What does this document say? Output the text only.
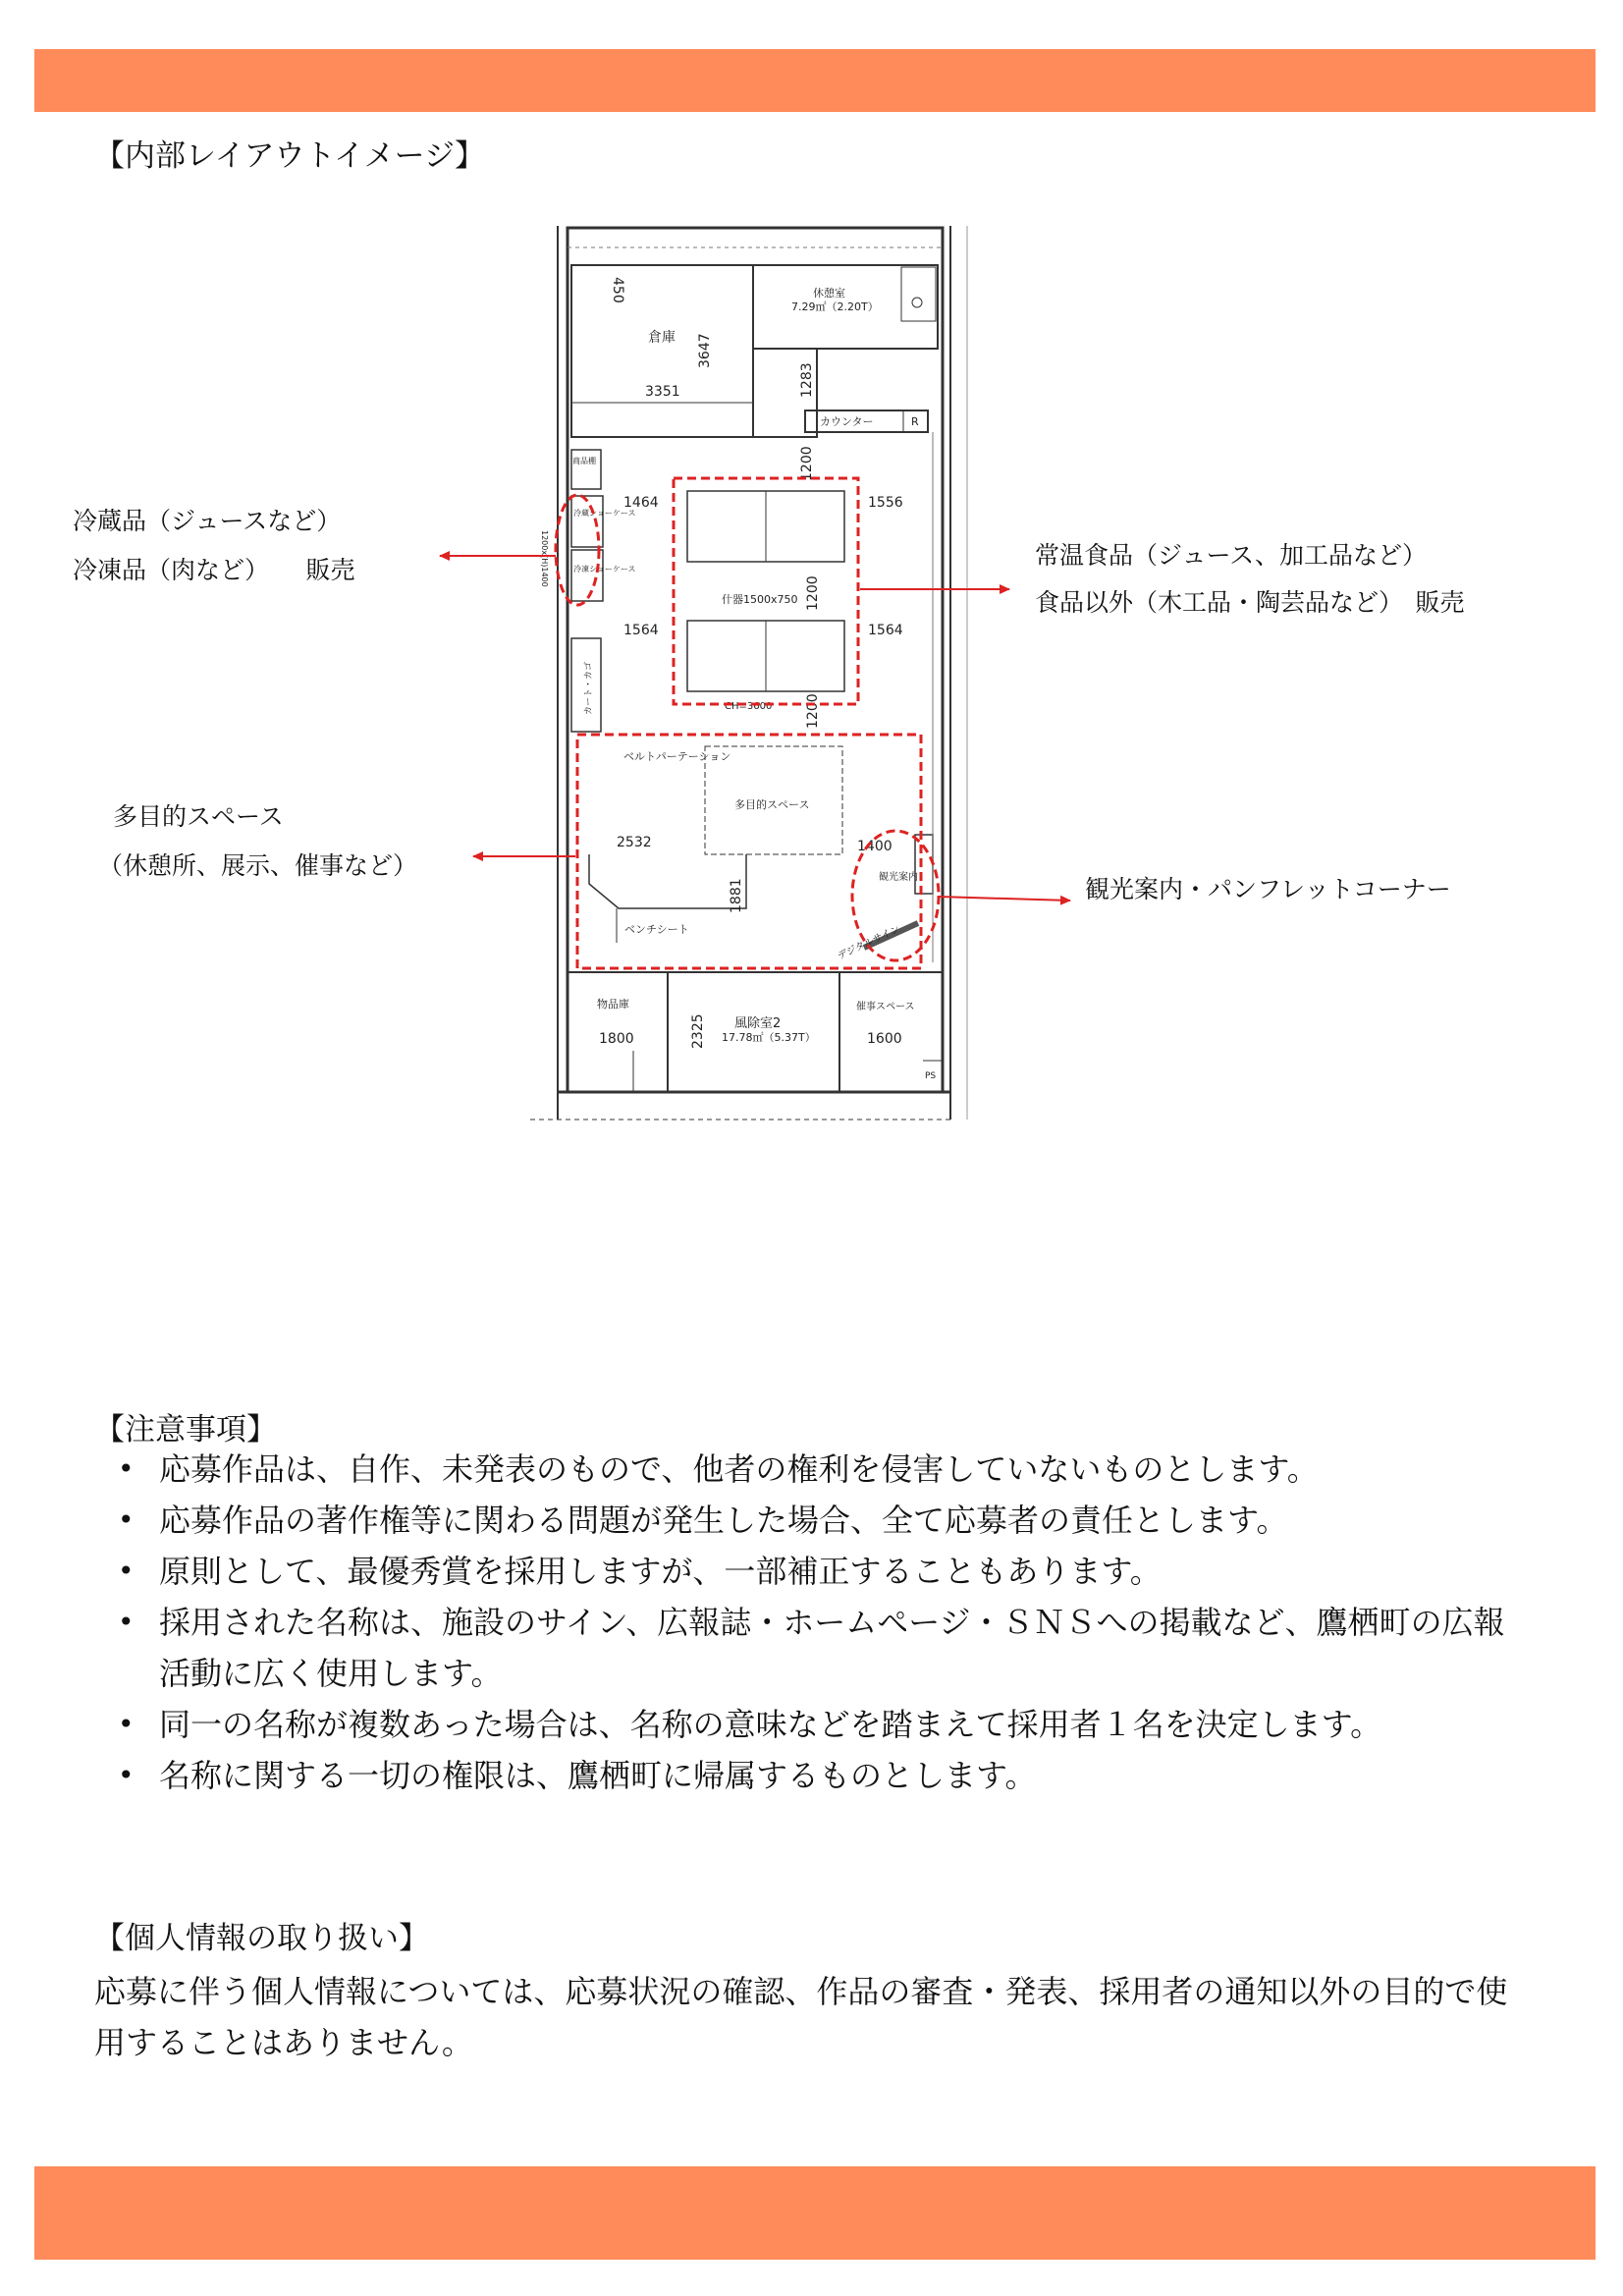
【内部レイアウトイメージ】
450
倉庫 3647
3351
休憩室
7.29㎡（2.20T）
1283
カウンター	R
1200
商品棚
冷蔵ショーケース
冷凍ショーケース
1200x(H)1400
1464	1556
什器1500x750 1200
1564	1564
カート・カゴ	CH=3600 1200
ベルトパーテーション
多目的スペース
2532	1400
観光案内
1881
ベンチシート	デジタルサイン
物品庫
1800	2325 風除室2
17.78㎡（5.37T）
催事スペース
1600
PS
冷蔵品（ジュースなど）
冷凍品（肉など）　　販売
常温食品（ジュース、加工品など）
食品以外（木工品・陶芸品など）　販売
多目的スペース
（休憩所、展示、催事など）
観光案内・パンフレットコーナー
【注意事項】
• 応募作品は、自作、未発表のもので、他者の権利を侵害していないものとします。
• 応募作品の著作権等に関わる問題が発生した場合、全て応募者の責任とします。
• 原則として、最優秀賞を採用しますが、一部補正することもあります。
• 採用された名称は、施設のサイン、広報誌・ホームページ・ＳＮＳへの掲載など、鷹栖町の広報活動に広く使用します。
• 同一の名称が複数あった場合は、名称の意味などを踏まえて採用者１名を決定します。
• 名称に関する一切の権限は、鷹栖町に帰属するものとします。
【個人情報の取り扱い】

応募に伴う個人情報については、応募状況の確認、作品の審査・発表、採用者の通知以外の目的で使用することはありません。
